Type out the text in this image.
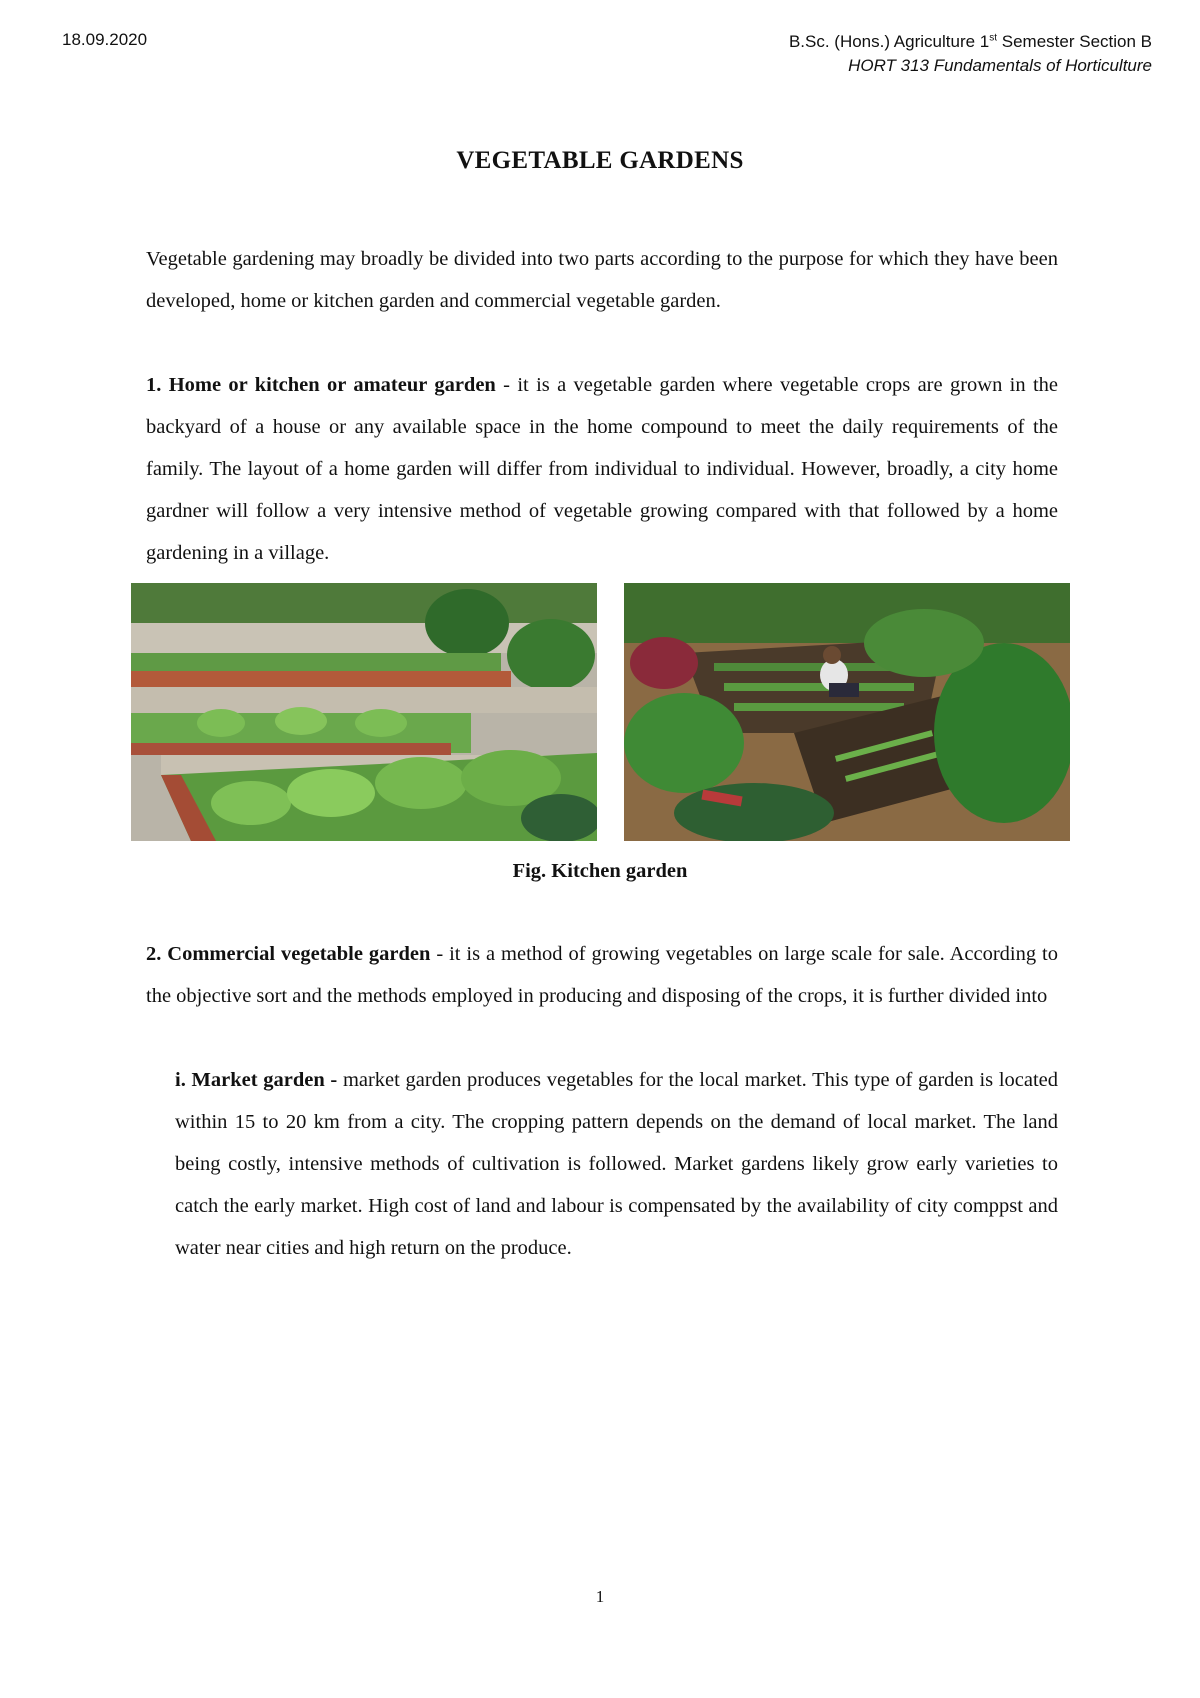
18.09.2020	B.Sc. (Hons.) Agriculture 1st Semester Section B
HORT 313 Fundamentals of Horticulture
VEGETABLE GARDENS
Vegetable gardening may broadly be divided into two parts according to the purpose for which they have been developed, home or kitchen garden and commercial vegetable garden.
1. Home or kitchen or amateur garden - it is a vegetable garden where vegetable crops are grown in the backyard of a house or any available space in the home compound to meet the daily requirements of the family. The layout of a home garden will differ from individual to individual. However, broadly, a city home gardner will follow a very intensive method of vegetable growing compared with that followed by a home gardening in a village.
Fig. Kitchen garden
2. Commercial vegetable garden - it is a method of growing vegetables on large scale for sale. According to the objective sort and the methods employed in producing and disposing of the crops, it is further divided into
i. Market garden - market garden produces vegetables for the local market. This type of garden is located within 15 to 20 km from a city. The cropping pattern depends on the demand of local market. The land being costly, intensive methods of cultivation is followed. Market gardens likely grow early varieties to catch the early market. High cost of land and labour is compensated by the availability of city comppst and water near cities and high return on the produce.
1
